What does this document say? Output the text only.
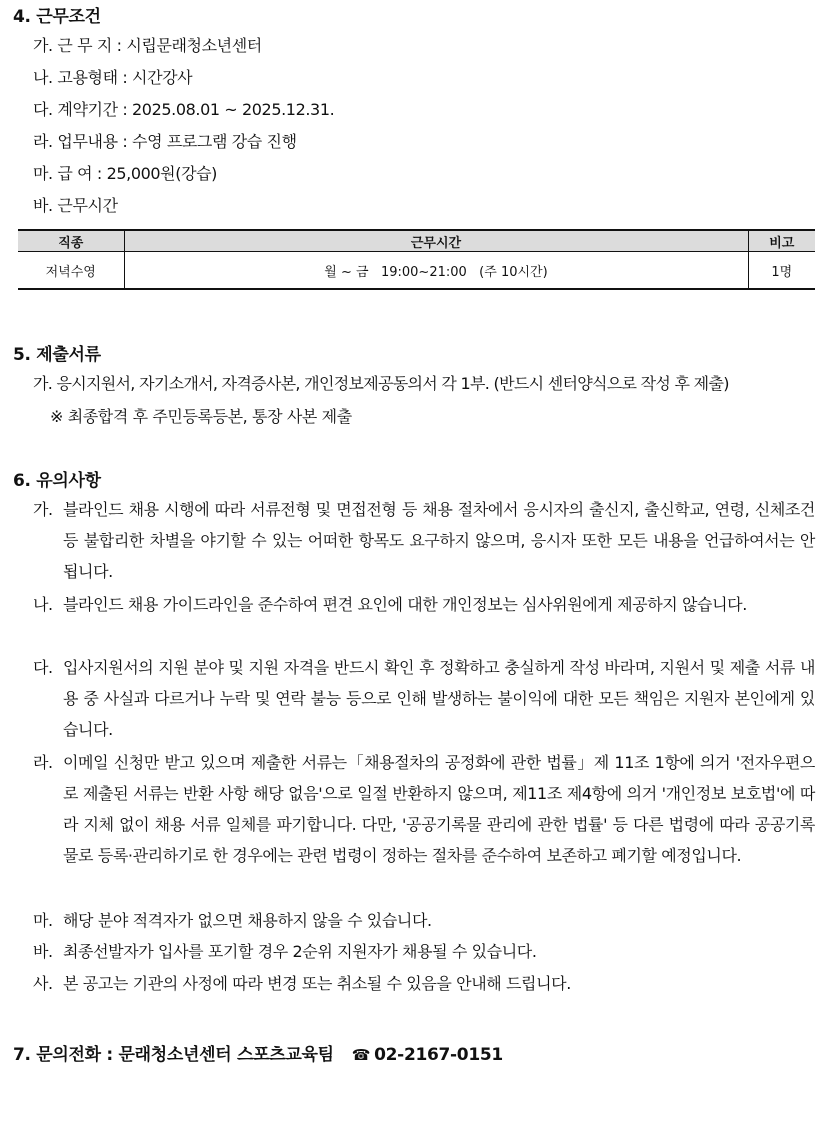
4. 근무조건
가. 근 무 지 : 시립문래청소년센터
나. 고용형태 : 시간강사
다. 계약기간 : 2025.08.01 ~ 2025.12.31.
라. 업무내용 : 수영 프로그램 강습 진행
마. 급 여 : 25,000원(강습)
바. 근무시간
직종	근무시간	비고
저녁수영	월 ~ 금   19:00~21:00   (주 10시간)	1명
5. 제출서류
가. 응시지원서, 자기소개서, 자격증사본, 개인정보제공동의서 각 1부. (반드시 센터양식으로 작성 후 제출)
※ 최종합격 후 주민등록등본, 통장 사본 제출
6. 유의사항
가. 블라인드 채용 시행에 따라 서류전형 및 면접전형 등 채용 절차에서 응시자의 출신지, 출신학교, 연령, 신체조건 등 불합리한 차별을 야기할 수 있는 어떠한 항목도 요구하지 않으며, 응시자 또한 모든 내용을 언급하여서는 안 됩니다.
나. 블라인드 채용 가이드라인을 준수하여 편견 요인에 대한 개인정보는 심사위원에게 제공하지 않습니다.
다. 입사지원서의 지원 분야 및 지원 자격을 반드시 확인 후 정확하고 충실하게 작성 바라며, 지원서 및 제출 서류 내용 중 사실과 다르거나 누락 및 연락 불능 등으로 인해 발생하는 불이익에 대한 모든 책임은 지원자 본인에게 있습니다.
라. 이메일 신청만 받고 있으며 제출한 서류는「채용절차의 공정화에 관한 법률」제 11조 1항에 의거 '전자우편으로 제출된 서류는 반환 사항 해당 없음'으로 일절 반환하지 않으며, 제11조 제4항에 의거 '개인정보 보호법'에 따라 지체 없이 채용 서류 일체를 파기합니다. 다만, '공공기록물 관리에 관한 법률' 등 다른 법령에 따라 공공기록물로 등록·관리하기로 한 경우에는 관련 법령이 정하는 절차를 준수하여 보존하고 폐기할 예정입니다.
마. 해당 분야 적격자가 없으면 채용하지 않을 수 있습니다.
바. 최종선발자가 입사를 포기할 경우 2순위 지원자가 채용될 수 있습니다.
사. 본 공고는 기관의 사정에 따라 변경 또는 취소될 수 있음을 안내해 드립니다.
7. 문의전화 : 문래청소년센터 스포츠교육팀 ☎ 02-2167-0151
